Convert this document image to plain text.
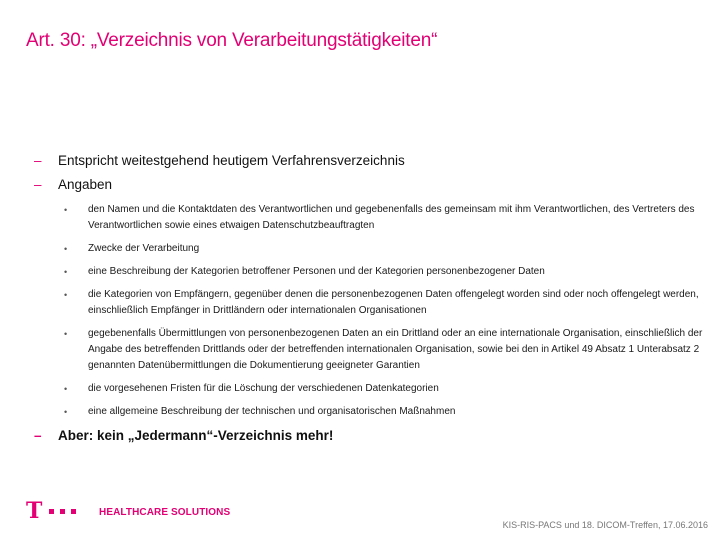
Art. 30: „Verzeichnis von Verarbeitungstätigkeiten“
–	Entspricht weitestgehend heutigem Verfahrensverzeichnis
–	Angaben
•	den Namen und die Kontaktdaten des Verantwortlichen und gegebenenfalls des gemeinsam mit ihm Verantwortlichen, des Vertreters des Verantwortlichen sowie eines etwaigen Datenschutzbeauftragten
•	Zwecke der Verarbeitung
•	eine Beschreibung der Kategorien betroffener Personen und der Kategorien personenbezogener Daten
•	die Kategorien von Empfängern, gegenüber denen die personenbezogenen Daten offengelegt worden sind oder noch offengelegt werden, einschließlich Empfänger in Drittländern oder internationalen Organisationen
•	gegebenenfalls Übermittlungen von personenbezogenen Daten an ein Drittland oder an eine internationale Organisation, einschließlich der Angabe des betreffenden Drittlands oder der betreffenden internationalen Organisation, sowie bei den in Artikel 49 Absatz 1 Unterabsatz 2 genannten Datenübermittlungen die Dokumentierung geeigneter Garantien
•	die vorgesehenen Fristen für die Löschung der verschiedenen Datenkategorien
•	eine allgemeine Beschreibung der technischen und organisatorischen Maßnahmen
–	Aber: kein „Jedermann“-Verzeichnis mehr!
T	HEALTHCARE SOLUTIONS
KIS-RIS-PACS und 18. DICOM-Treffen, 17.06.2016
